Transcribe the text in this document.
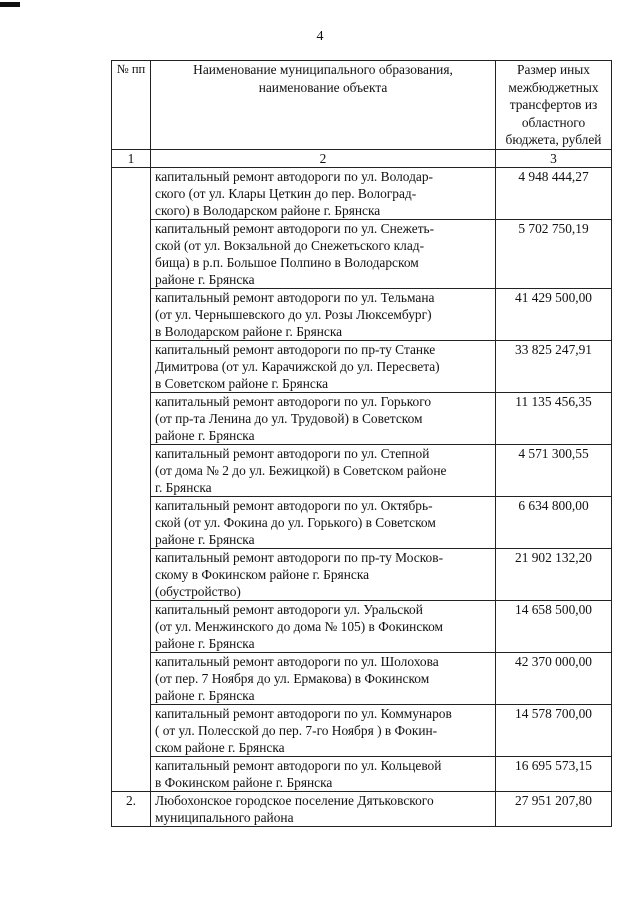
4
№ пп	Наименование муниципального образования, наименование объекта	Размер иных межбюджетных трансфертов из областного бюджета, рублей
1	2	3

	капитальный ремонт автодороги по ул. Володар-
ского (от ул. Клары Цеткин до пер. Волоград-
ского) в Володарском районе г. Брянска	4 948 444,27

	капитальный ремонт автодороги по ул. Снежеть-
ской (от ул. Вокзальной до Снежетьского клад-
бища) в р.п. Большое Полпино в Володарском
районе г. Брянска	5 702 750,19

	капитальный ремонт автодороги по ул. Тельмана
(от ул. Чернышевского до ул. Розы Люксембург)
в Володарском районе г. Брянска	41 429 500,00

	капитальный ремонт автодороги по пр-ту Станке
Димитрова (от ул. Карачижской до ул. Пересвета)
в Советском районе г. Брянска	33 825 247,91

	капитальный ремонт автодороги по ул. Горького
(от пр-та Ленина до ул. Трудовой) в Советском
районе г. Брянска	11 135 456,35

	капитальный ремонт автодороги по ул. Степной
(от дома № 2 до ул. Бежицкой) в Советском районе
г. Брянска	4 571 300,55

	капитальный ремонт автодороги по ул. Октябрь-
ской (от ул. Фокина до ул. Горького) в Советском
районе г. Брянска	6 634 800,00

	капитальный ремонт автодороги по пр-ту Москов-
скому в Фокинском районе г. Брянска
(обустройство)	21 902 132,20

	капитальный ремонт автодороги ул. Уральской
(от ул. Менжинского до дома № 105) в Фокинском
районе г. Брянска	14 658 500,00

	капитальный ремонт автодороги по ул. Шолохова
(от пер. 7 Ноября до ул. Ермакова) в Фокинском
районе г. Брянска	42 370 000,00

	капитальный ремонт автодороги по ул. Коммунаров
( от ул. Полесской до пер. 7-го Ноября ) в Фокин-
ском районе г. Брянска	14 578 700,00

	капитальный ремонт автодороги по ул. Кольцевой
в Фокинском районе г. Брянска	16 695 573,15
2.	Любохонское городское поселение Дятьковского
муниципального района	27 951 207,80
